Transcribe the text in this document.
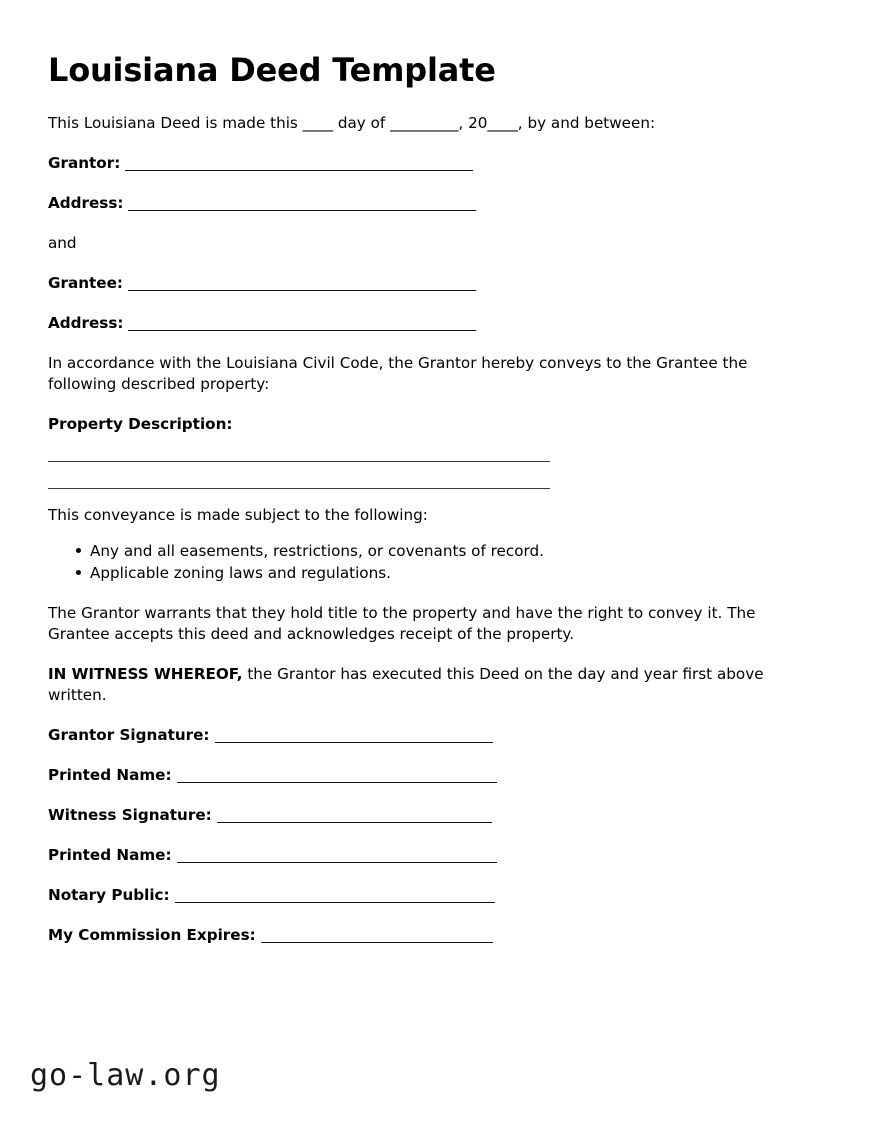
Louisiana Deed Template

This Louisiana Deed is made this ____ day of _________, 20____, by and between:

Grantor:
Address:

and

Grantee:
Address:

In accordance with the Louisiana Civil Code, the Grantor hereby conveys to the Grantee the following described property:

Property Description:

This conveyance is made subject to the following:

Any and all easements, restrictions, or covenants of record.
Applicable zoning laws and regulations.

The Grantor warrants that they hold title to the property and have the right to convey it. The Grantee accepts this deed and acknowledges receipt of the property.

IN WITNESS WHEREOF, the Grantor has executed this Deed on the day and year first above written.

Grantor Signature:
Printed Name:
Witness Signature:
Printed Name:
Notary Public:
My Commission Expires:
go-law.org
